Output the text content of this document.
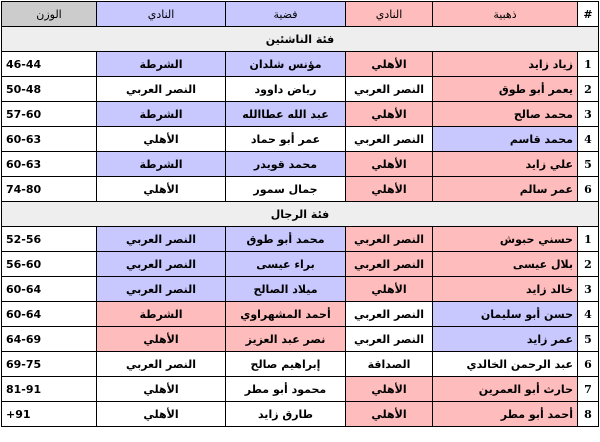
الوزن	النادي	فضية	النادي	ذهبية	#
فئة الناشئين					
46-44	الشرطة	مؤنس شلدان	الأهلي	زياد زايد	1
50-48	النصر العربي	رياض داوود	النصر العربي	يعمر أبو طوق	2
57-60	الشرطة	عبد الله عطاالله	الأهلي	محمد صالح	3
60-63	الأهلي	عمر أبو حماد	النصر العربي	محمد قاسم	4
60-63	الشرطة	محمد قويدر	الأهلي	علي زايد	5
74-80	الأهلي	جمال سمور	الأهلي	عمر سالم	6
فئة الرجال					
52-56	النصر العربي	محمد أبو طوق	النصر العربي	حسني حبوش	1
56-60	النصر العربي	براء عيسى	النصر العربي	بلال عيسى	2
60-64	النصر العربي	ميلاد الصالح	الأهلي	خالد زايد	3
60-64	الشرطة	أحمد المشهراوي	النصر العربي	حسن أبو سليمان	4
64-69	الأهلي	نصر عبد العزيز	النصر العربي	عمر زايد	5
69-75	النصر العربي	إبراهيم صالح	الصداقة	عبد الرحمن الخالدي	6
81-91	الأهلي	محمود أبو مطر	الأهلي	حارث أبو العمرين	7
+91	الأهلي	طارق زايد	الأهلي	أحمد أبو مطر	8
